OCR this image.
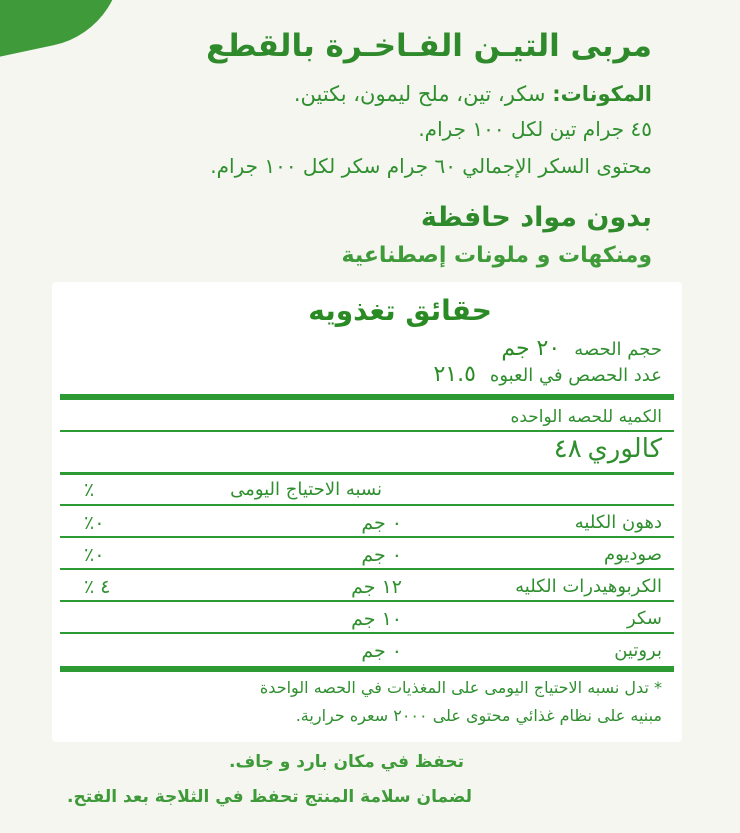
مربى التيـن الفـاخـرة بالقطع
المكونات: سكر، تين، ملح ليمون، بكتين.
٤٥ جرام تين لكل ١٠٠ جرام.
محتوى السكر الإجمالي ٦٠ جرام سكر لكل ١٠٠ جرام.
بدون مواد حافظة
ومنكهات و ملونات إصطناعية
حقائق تغذويه
حجم الحصه٢٠ جم
عدد الحصص في العبوه٢١.٥
الكميه للحصه الواحده
كالوري ٤٨
نسبه الاحتياج اليومى
٪
دهون الكليه
٠ جم
٪٠
صوديوم
٠ جم
٪٠
الكربوهيدرات الكليه
١٢ جم
٪ ٤
سكر
١٠ جم
بروتين
٠ جم
* تدل نسبه الاحتياج اليومى على المغذيات في الحصه الواحدة
مبنيه على نظام غذائي محتوى على ٢٠٠٠ سعره حرارية.
تحفظ في مكان بارد و جاف.
لضمان سلامة المنتج تحفظ في الثلاجة بعد الفتح.
